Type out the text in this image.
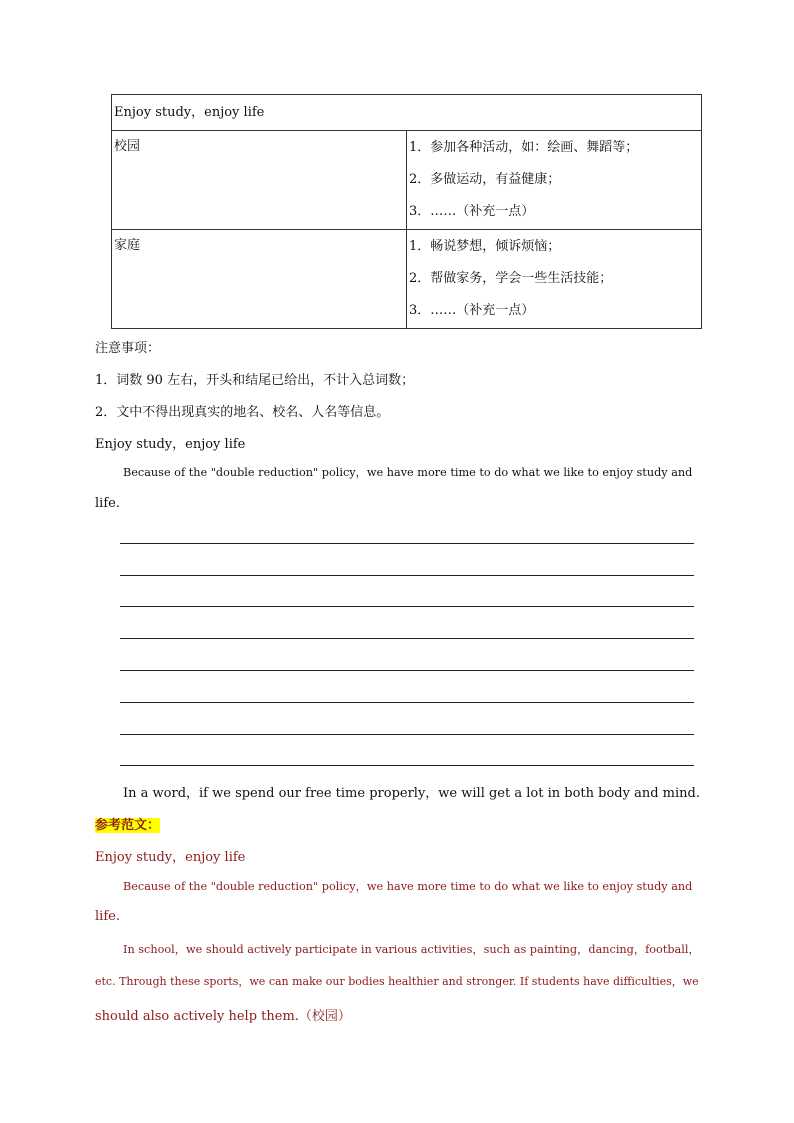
Enjoy study，enjoy life	
校园	1．参加各种活动，如：绘画、舞蹈等；
2．多做运动，有益健康；
3．……（补充一点）

家庭	1．畅说梦想，倾诉烦恼；
2．帮做家务，学会一些生活技能；
3．……（补充一点）
注意事项：
1．词数 90 左右，开头和结尾已给出，不计入总词数；
2．文中不得出现真实的地名、校名、人名等信息。
Enjoy study，enjoy life
Because of the "double reduction" policy，we have more time to do what we like to enjoy study and
life.
In a word，if we spend our free time properly，we will get a lot in both body and mind.
参考范文：
Enjoy study，enjoy life
Because of the "double reduction" policy，we have more time to do what we like to enjoy study and
life.
In school，we should actively participate in various activities，such as painting，dancing，football，
etc. Through these sports，we can make our bodies healthier and stronger. If students have difficulties，we
should also actively help them.（校园）
